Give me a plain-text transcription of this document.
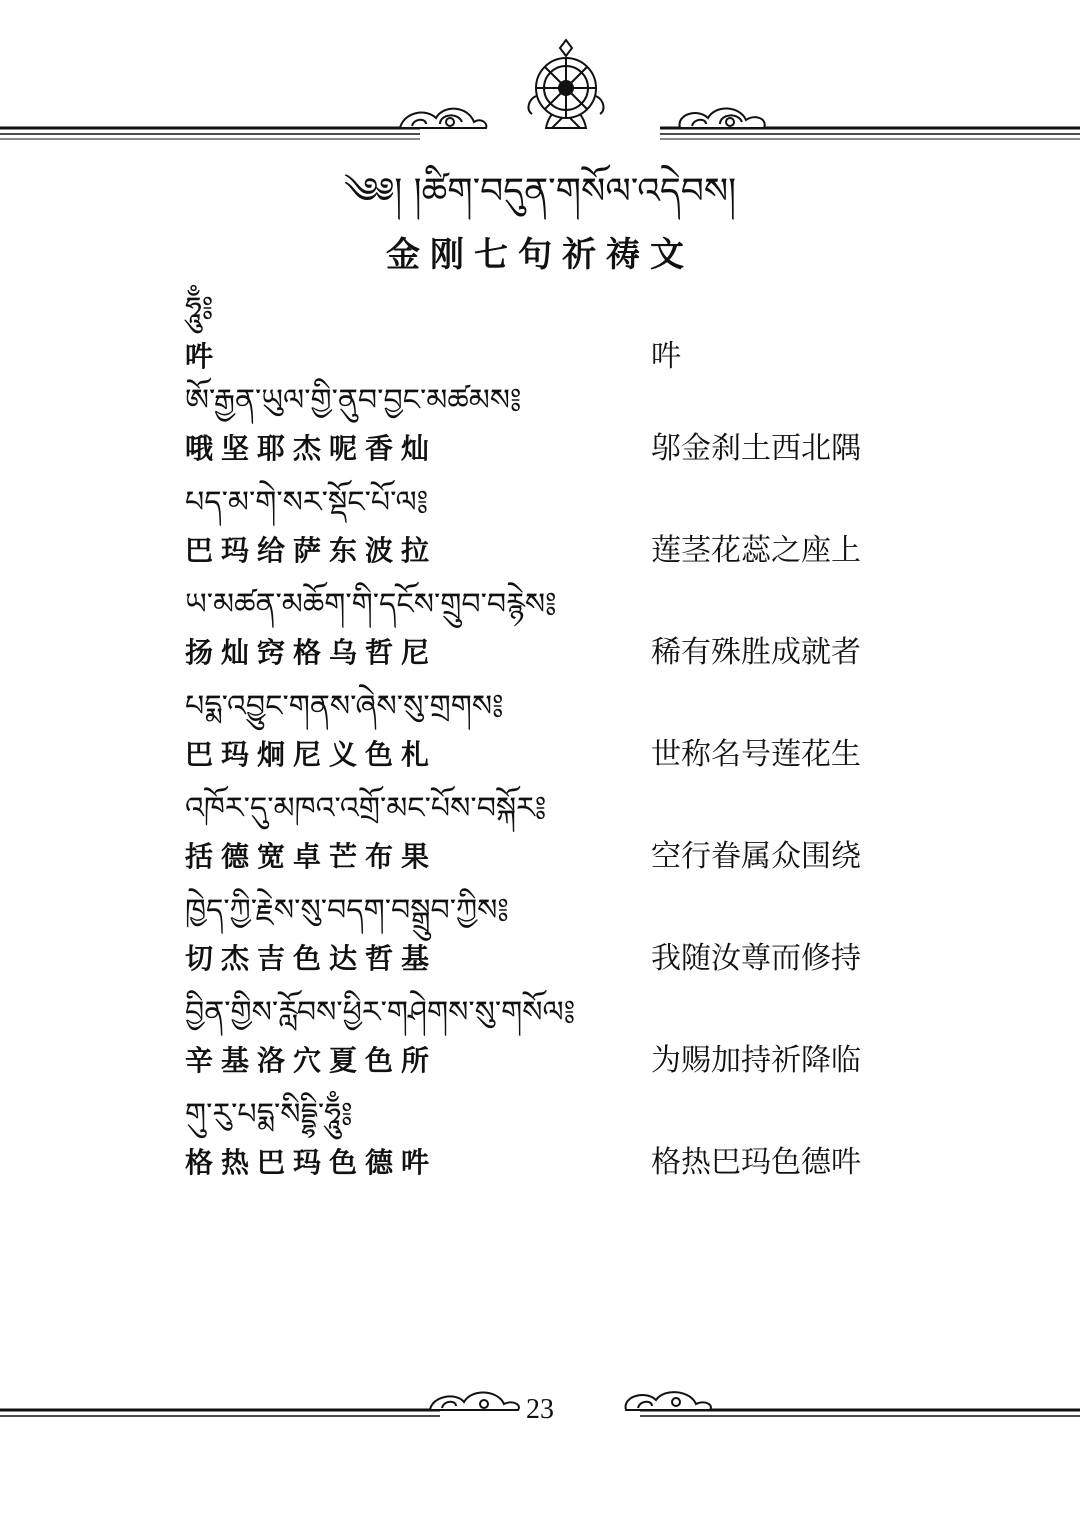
༄༅། །ཚིག་བདུན་གསོལ་འདེབས།
金刚七句祈祷文
ཧཱུྃ༔
吽	吽
ཨོ་རྒྱན་ཡུལ་གྱི་ནུབ་བྱང་མཚམས༔
哦坚耶杰呢香灿	邬金刹土西北隅
པད་མ་གེ་སར་སྡོང་པོ་ལ༔
巴玛给萨东波拉	莲茎花蕊之座上
ཡ་མཚན་མཆོག་གི་དངོས་གྲུབ་བརྙེས༔
扬灿窍格乌哲尼	稀有殊胜成就者
པདྨ་འབྱུང་གནས་ཞེས་སུ་གྲགས༔
巴玛炯尼义色札	世称名号莲花生
འཁོར་དུ་མཁའ་འགྲོ་མང་པོས་བསྐོར༔
括德宽卓芒布果	空行眷属众围绕
ཁྱེད་ཀྱི་རྗེས་སུ་བདག་བསྒྲུབ་ཀྱིས༔
切杰吉色达哲基	我随汝尊而修持
བྱིན་གྱིས་རློབས་ཕྱིར་གཤེགས་སུ་གསོལ༔
辛基洛穴夏色所	为赐加持祈降临
གུ་རུ་པདྨ་སིདྡྷི་ཧཱུྃ༔
格热巴玛色德吽	格热巴玛色德吽
23
